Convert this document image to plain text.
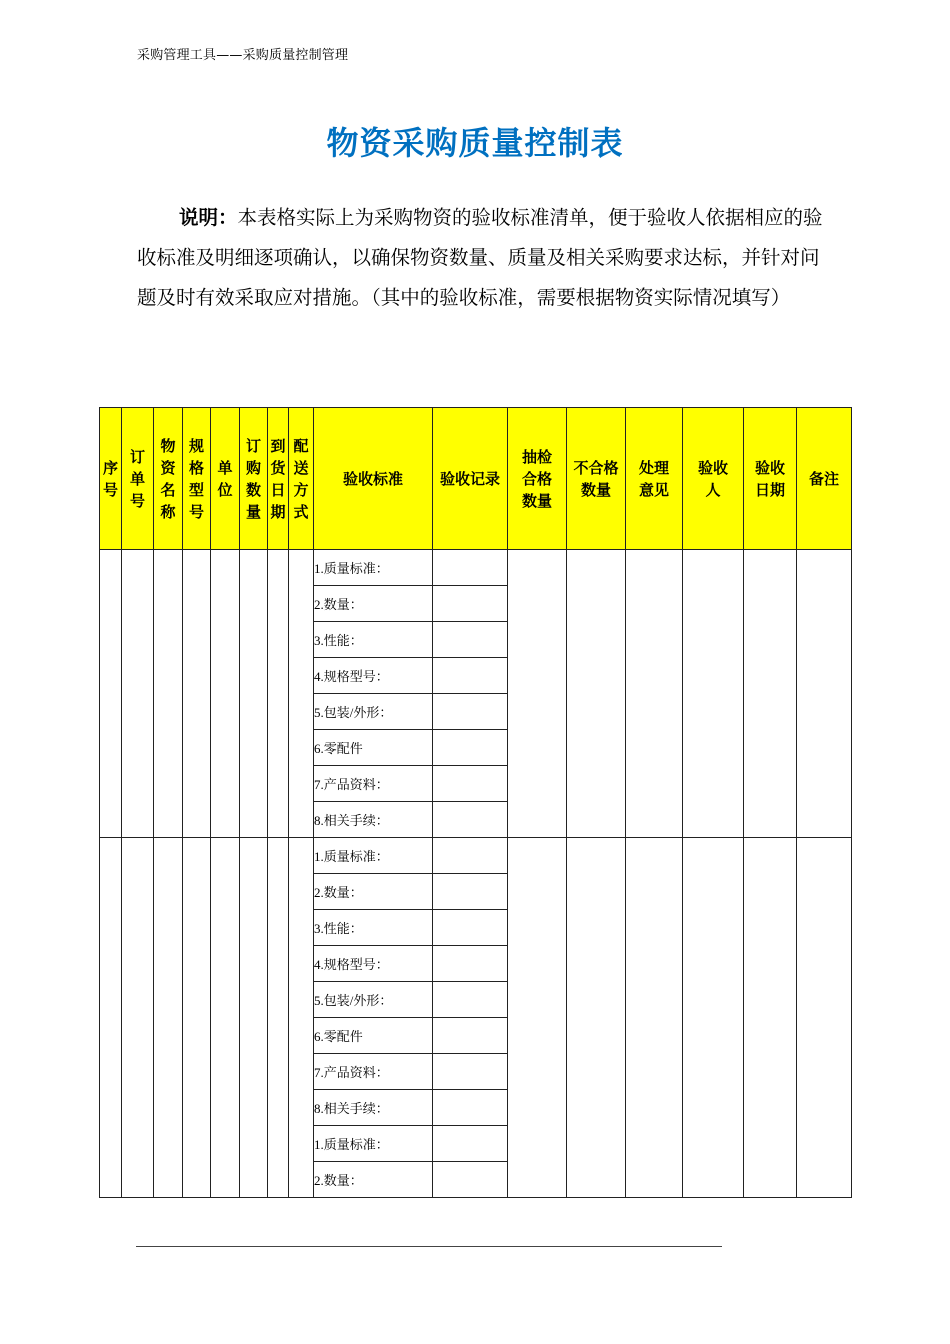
采购管理工具——采购质量控制管理
物资采购质量控制表

说明：本表格实际上为采购物资的验收标准清单，便于验收人依据相应的验收标准及明细逐项确认，以确保物资数量、质量及相关采购要求达标，并针对问题及时有效采取应对措施。（其中的验收标准，需要根据物资实际情况填写）

序号	订单号	物资名称	规格型号	单位	订购数量	到货日期	配送方式	验收标准	验收记录	抽检合格数量	不合格数量	处理意见	验收人	验收日期	备注

								1.质量标准：							
								2.数量：							
								3.性能：							
								4.规格型号：							
								5.包装/外形：							
								6.零配件							
								7.产品资料：							
								8.相关手续：							
								1.质量标准：							
								2.数量：							
								3.性能：							
								4.规格型号：							
								5.包装/外形：							
								6.零配件							
								7.产品资料：							
								8.相关手续：							
								1.质量标准：							
								2.数量：							
